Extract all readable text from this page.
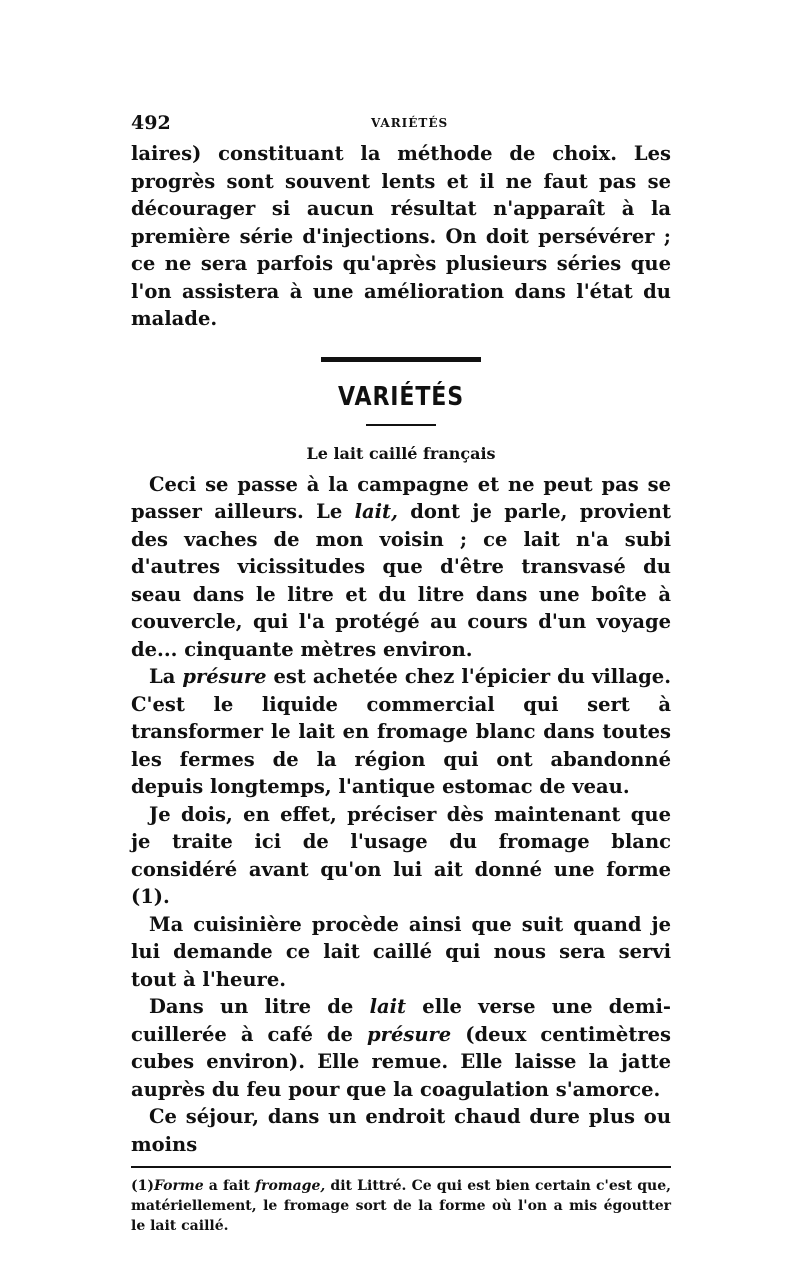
492	VARIÉTÉS

laires) constituant la méthode de choix. Les progrès sont souvent lents et il ne faut pas se décourager si aucun résultat n'apparaît à la première série d'injections. On doit persévérer ; ce ne sera parfois qu'après plusieurs séries que l'on assistera à une amélioration dans l'état du malade.

VARIÉTÉS
Le lait caillé français

Ceci se passe à la campagne et ne peut pas se passer ailleurs. Le lait, dont je parle, provient des vaches de mon voisin ; ce lait n'a subi d'autres vicissitudes que d'être transvasé du seau dans le litre et du litre dans une boîte à couvercle, qui l'a protégé au cours d'un voyage de... cinquante mètres environ.

La présure est achetée chez l'épicier du village. C'est le liquide commercial qui sert à transformer le lait en fromage blanc dans toutes les fermes de la région qui ont abandonné depuis longtemps, l'antique estomac de veau.

Je dois, en effet, préciser dès maintenant que je traite ici de l'usage du fromage blanc considéré avant qu'on lui ait donné une forme (1).

Ma cuisinière procède ainsi que suit quand je lui demande ce lait caillé qui nous sera servi tout à l'heure.

Dans un litre de lait elle verse une demi-cuillerée à café de présure (deux centimètres cubes environ). Elle remue. Elle laisse la jatte auprès du feu pour que la coagulation s'amorce.

Ce séjour, dans un endroit chaud dure plus ou moins

(1)Forme a fait fromage, dit Littré. Ce qui est bien certain c'est que, matériellement, le fromage sort de la forme où l'on a mis égoutter le lait caillé.
